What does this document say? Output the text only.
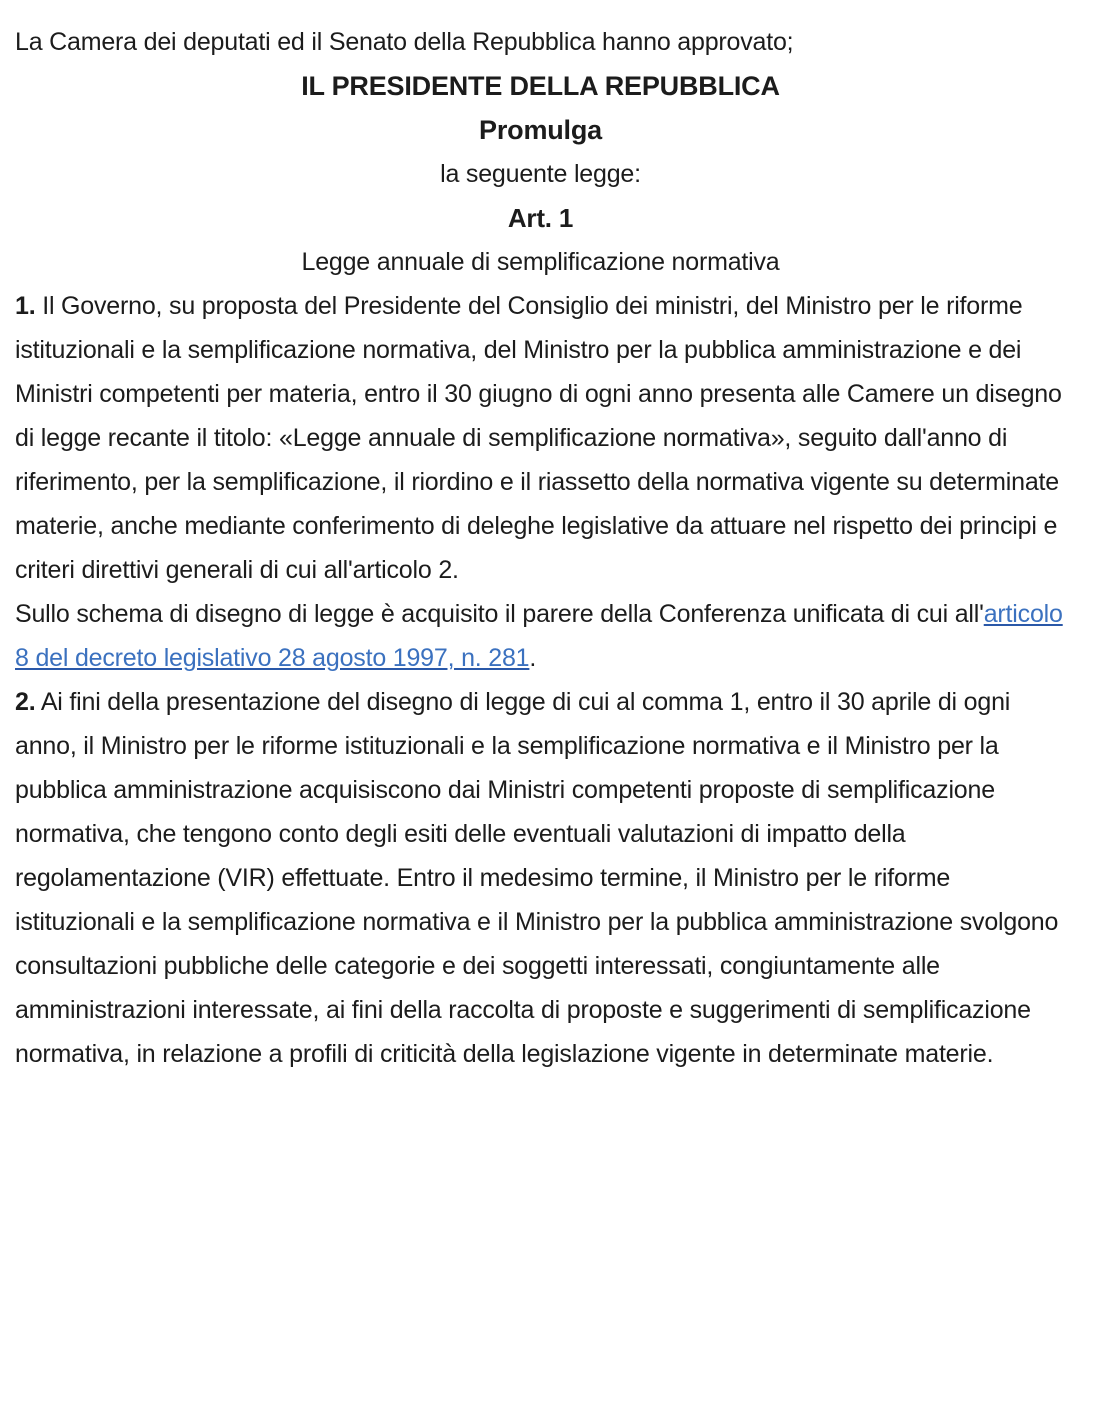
La Camera dei deputati ed il Senato della Repubblica hanno approvato;

IL PRESIDENTE DELLA REPUBBLICA

Promulga

la seguente legge:

Art. 1

Legge annuale di semplificazione normativa

1. Il Governo, su proposta del Presidente del Consiglio dei ministri, del Ministro per le riforme istituzionali e la semplificazione normativa, del Ministro per la pubblica amministrazione e dei Ministri competenti per materia, entro il 30 giugno di ogni anno presenta alle Camere un disegno di legge recante il titolo: «Legge annuale di semplificazione normativa», seguito dall'anno di riferimento, per la semplificazione, il riordino e il riassetto della normativa vigente su determinate materie, anche mediante conferimento di deleghe legislative da attuare nel rispetto dei principi e criteri direttivi generali di cui all'articolo 2.
Sullo schema di disegno di legge è acquisito il parere della Conferenza unificata di cui all'articolo 8 del decreto legislativo 28 agosto 1997, n. 281.

2. Ai fini della presentazione del disegno di legge di cui al comma 1, entro il 30 aprile di ogni anno, il Ministro per le riforme istituzionali e la semplificazione normativa e il Ministro per la pubblica amministrazione acquisiscono dai Ministri competenti proposte di semplificazione normativa, che tengono conto degli esiti delle eventuali valutazioni di impatto della regolamentazione (VIR) effettuate. Entro il medesimo termine, il Ministro per le riforme istituzionali e la semplificazione normativa e il Ministro per la pubblica amministrazione svolgono consultazioni pubbliche delle categorie e dei soggetti interessati, congiuntamente alle amministrazioni interessate, ai fini della raccolta di proposte e suggerimenti di semplificazione normativa, in relazione a profili di criticità della legislazione vigente in determinate materie.
